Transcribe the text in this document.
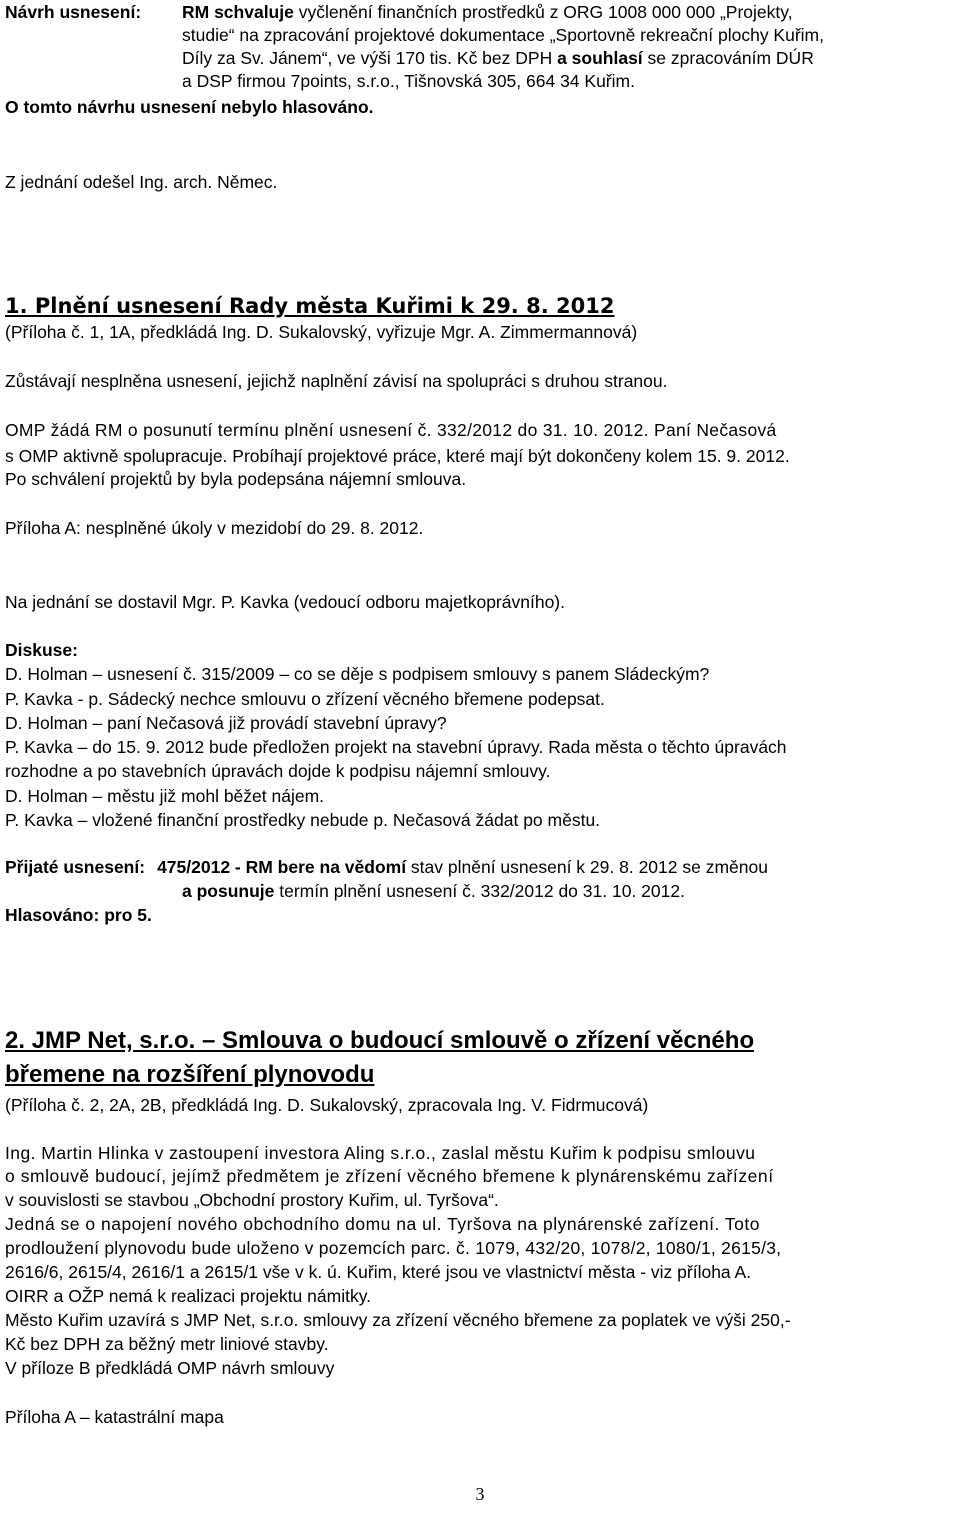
Návrh usnesení: RM schvaluje vyčlenění finančních prostředků z ORG 1008 000 000 „Projekty,
studie“ na zpracování projektové dokumentace „Sportovně rekreační plochy Kuřim,
Díly za Sv. Jánem“, ve výši 170 tis. Kč bez DPH a souhlasí se zpracováním DÚR
a DSP firmou 7points, s.r.o., Tišnovská 305, 664 34 Kuřim.
O tomto návrhu usnesení nebylo hlasováno.
Z jednání odešel Ing. arch. Němec.
1. Plnění usnesení Rady města Kuřimi k 29. 8. 2012
(Příloha č. 1, 1A, předkládá Ing. D. Sukalovský, vyřizuje Mgr. A. Zimmermannová)
Zůstávají nesplněna usnesení, jejichž naplnění závisí na spolupráci s druhou stranou.
OMP žádá RM o posunutí termínu plnění usnesení č. 332/2012 do 31. 10. 2012. Paní Nečasová
s OMP aktivně spolupracuje. Probíhají projektové práce, které mají být dokončeny kolem 15. 9. 2012.
Po schválení projektů by byla podepsána nájemní smlouva.
Příloha A: nesplněné úkoly v mezidobí do 29. 8. 2012.
Na jednání se dostavil Mgr. P. Kavka (vedoucí odboru majetkoprávního).
Diskuse:
D. Holman – usnesení č. 315/2009 – co se děje s podpisem smlouvy s panem Sládeckým?
P. Kavka - p. Sádecký nechce smlouvu o zřízení věcného břemene podepsat.
D. Holman – paní Nečasová již provádí stavební úpravy?
P. Kavka – do 15. 9. 2012 bude předložen projekt na stavební úpravy. Rada města o těchto úpravách
rozhodne a po stavebních úpravách dojde k podpisu nájemní smlouvy.
D. Holman – městu již mohl běžet nájem.
P. Kavka – vložené finanční prostředky nebude p. Nečasová žádat po městu.
Přijaté usnesení: 475/2012 - RM bere na vědomí stav plnění usnesení k 29. 8. 2012 se změnou
a posunuje termín plnění usnesení č. 332/2012 do 31. 10. 2012.
Hlasováno: pro 5.
2. JMP Net, s.r.o. – Smlouva o budoucí smlouvě o zřízení věcného
břemene na rozšíření plynovodu
(Příloha č. 2, 2A, 2B, předkládá Ing. D. Sukalovský, zpracovala Ing. V. Fidrmucová)
Ing. Martin Hlinka v zastoupení investora Aling s.r.o., zaslal městu Kuřim k podpisu smlouvu
o smlouvě budoucí, jejímž předmětem je zřízení věcného břemene k plynárenskému zařízení
v souvislosti se stavbou „Obchodní prostory Kuřim, ul. Tyršova“.
Jedná se o napojení nového obchodního domu na ul. Tyršova na plynárenské zařízení. Toto
prodloužení plynovodu bude uloženo v pozemcích parc. č. 1079, 432/20, 1078/2, 1080/1, 2615/3,
2616/6, 2615/4, 2616/1 a 2615/1 vše v k. ú. Kuřim, které jsou ve vlastnictví města - viz příloha A.
OIRR a OŽP nemá k realizaci projektu námitky.
Město Kuřim uzavírá s JMP Net, s.r.o. smlouvy za zřízení věcného břemene za poplatek ve výši 250,-
Kč bez DPH za běžný metr liniové stavby.
V příloze B předkládá OMP návrh smlouvy
Příloha A – katastrální mapa
3
